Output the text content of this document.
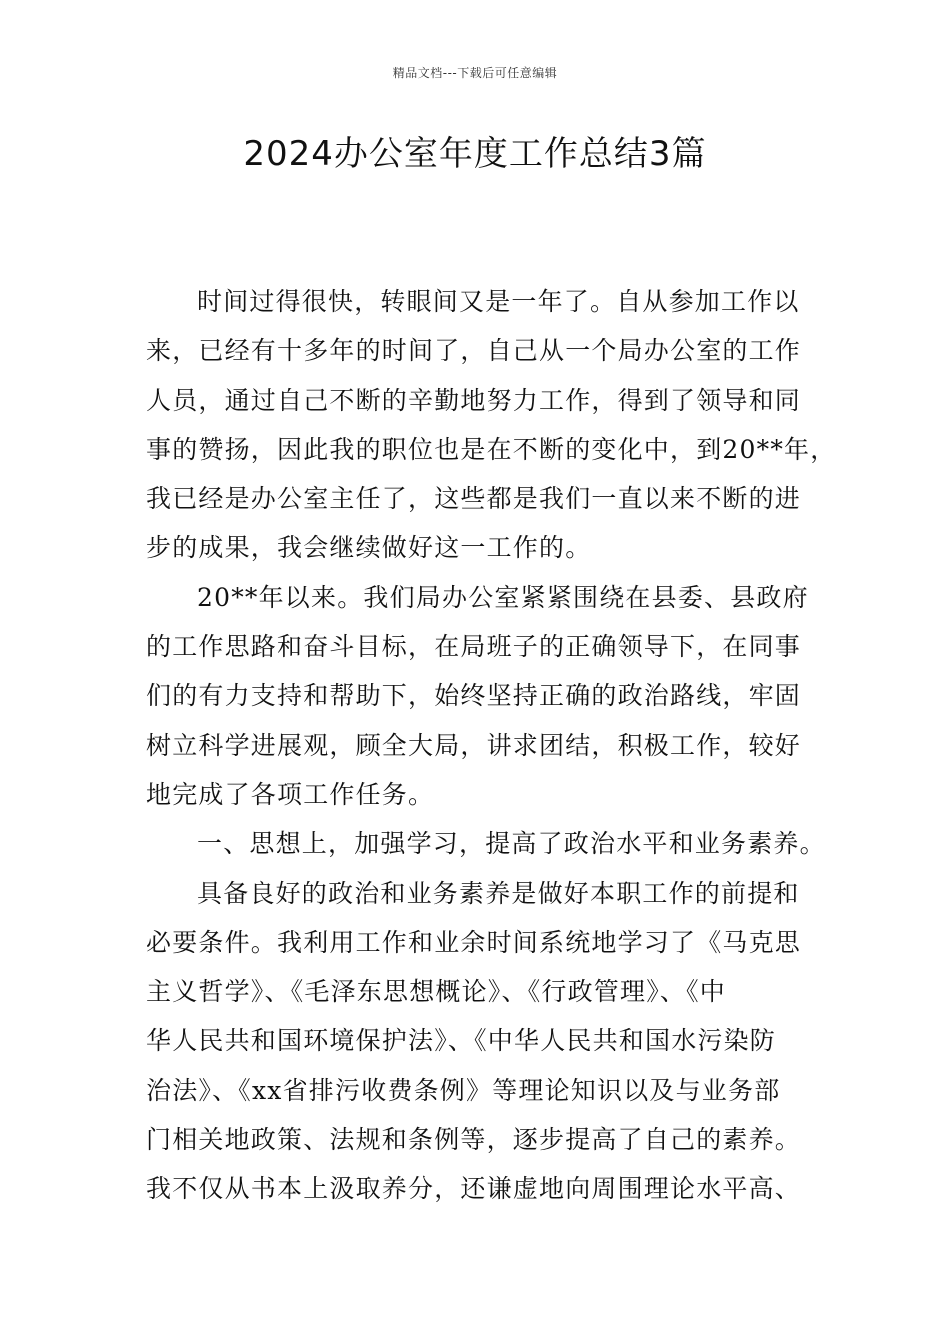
精品文档---下载后可任意编辑
2024办公室年度工作总结3篇
时间过得很快，转眼间又是一年了。自从参加工作以
来，已经有十多年的时间了，自己从一个局办公室的工作
人员，通过自己不断的辛勤地努力工作，得到了领导和同
事的赞扬，因此我的职位也是在不断的变化中，到20**年，
我已经是办公室主任了，这些都是我们一直以来不断的进
步的成果，我会继续做好这一工作的。
20**年以来。我们局办公室紧紧围绕在县委、县政府
的工作思路和奋斗目标，在局班子的正确领导下，在同事
们的有力支持和帮助下，始终坚持正确的政治路线，牢固
树立科学进展观，顾全大局，讲求团结，积极工作，较好
地完成了各项工作任务。
一、思想上，加强学习，提高了政治水平和业务素养。
具备良好的政治和业务素养是做好本职工作的前提和
必要条件。我利用工作和业余时间系统地学习了《马克思
主义哲学》、《毛泽东思想概论》、《行政管理》、《中
华人民共和国环境保护法》、《中华人民共和国水污染防
治法》、《xx省排污收费条例》等理论知识以及与业务部
门相关地政策、法规和条例等，逐步提高了自己的素养。
我不仅从书本上汲取养分，还谦虚地向周围理论水平高、
